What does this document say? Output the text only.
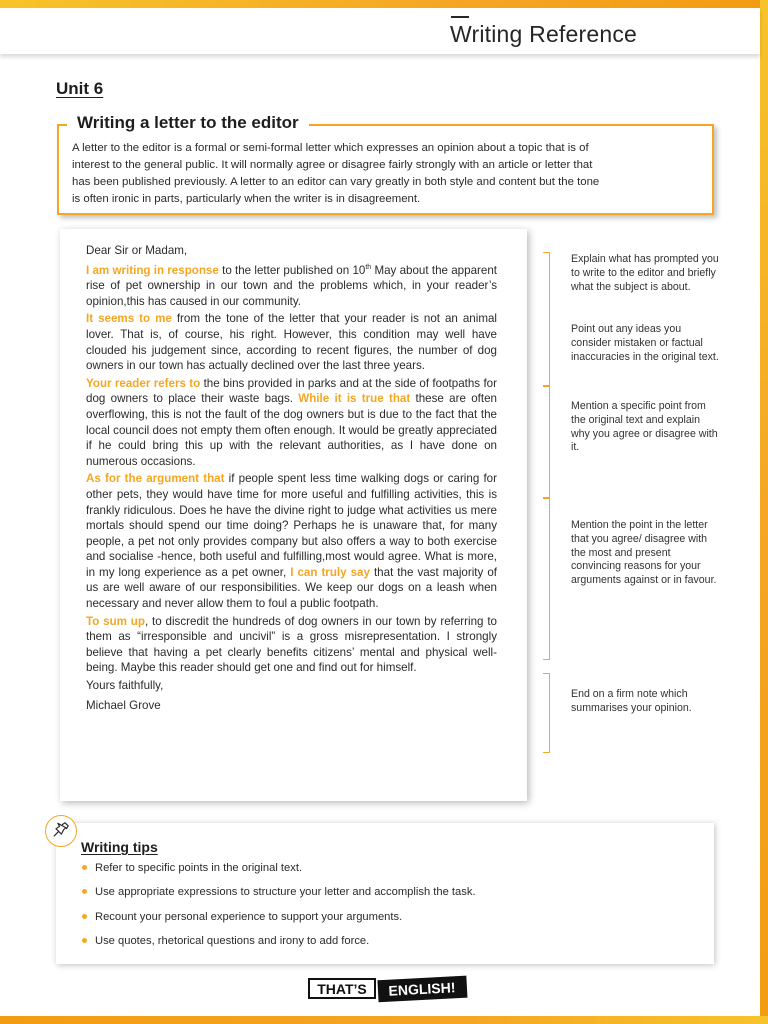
Writing Reference
Unit 6
Writing a letter to the editor
A letter to the editor is a formal or semi-formal letter which expresses an opinion about a topic that is of
interest to the general public. It will normally agree or disagree fairly strongly with an article or letter that
has been published previously. A letter to an editor can vary greatly in both style and content but the tone
is often ironic in parts, particularly when the writer is in disagreement.

Dear Sir or Madam,

I am writing in response to the letter published on 10th May about the apparent rise of pet ownership in our town and the problems which, in your reader’s opinion,this has caused in our community.

It seems to me from the tone of the letter that your reader is not an animal lover. That is, of course, his right. However, this condition may well have clouded his judgement since, according to recent figures, the number of dog owners in our town has actually declined over the last three years.

Your reader refers to the bins provided in parks and at the side of footpaths for dog owners to place their waste bags. While it is true that these are often overflowing, this is not the fault of the dog owners but is due to the fact that the local council does not empty them often enough. It would be greatly appreciated if he could bring this up with the relevant authorities, as I have done on numerous occasions.

As for the argument that if people spent less time walking dogs or caring for other pets, they would have time for more useful and fulfilling activities, this is frankly ridiculous. Does he have the divine right to judge what activities us mere mortals should spend our time doing? Perhaps he is unaware that, for many people, a pet not only provides company but also offers a way to both exercise and socialise -hence, both useful and fulfilling,most would agree. What is more, in my long experience as a pet owner, I can truly say that the vast majority of us are well aware of our responsibilities. We keep our dogs on a leash when necessary and never allow them to foul a public footpath.

To sum up, to discredit the hundreds of dog owners in our town by referring to them as “irresponsible and uncivil” is a gross misrepresentation. I strongly believe that having a pet clearly benefits citizens’ mental and physical well-being. Maybe this reader should get one and find out for himself.

Yours faithfully,

Michael Grove

Explain what has prompted you to write to the editor and briefly what the subject is about.
Point out any ideas you consider mistaken or factual inaccuracies in the original text.
Mention a specific point from the original text and explain why you agree or disagree with it.
Mention the point in the letter that you agree/ disagree with the most and present convincing reasons for your arguments against or in favour.
End on a firm note which summarises your opinion.
Writing tips
Refer to specific points in the original text.
Use appropriate expressions to structure your letter and accomplish the task.
Recount your personal experience to support your arguments.
Use quotes, rhetorical questions and irony to add force.
THAT’S ENGLISH!
